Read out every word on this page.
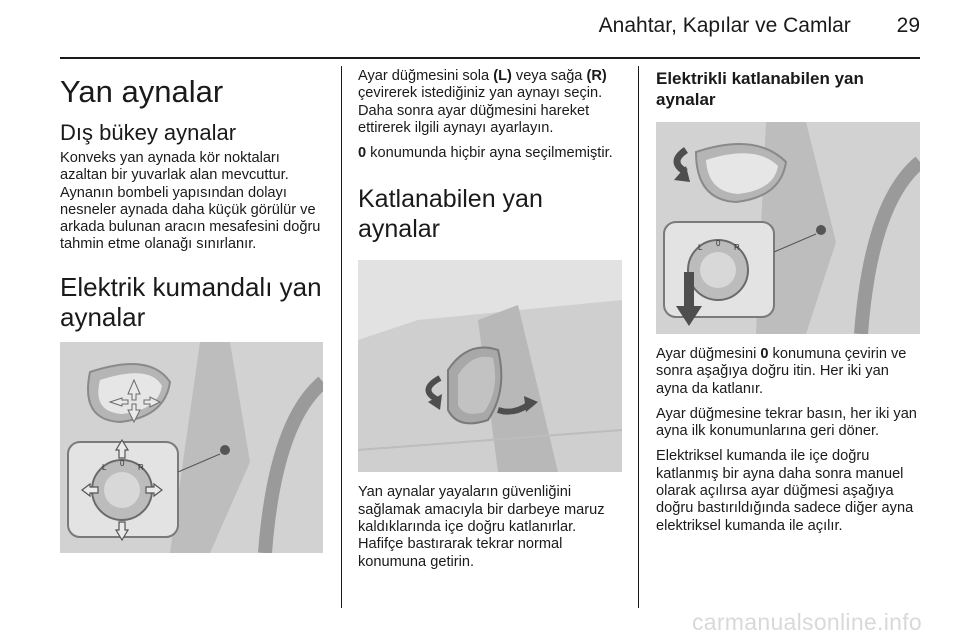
Anahtar, Kapılar ve Camlar 29
Yan aynalar
Dış bükey aynalar

Konveks yan aynada kör noktaları azaltan bir yuvarlak alan mevcuttur. Aynanın bombeli yapısından dolayı nesneler aynada daha küçük görülür ve arkada bulunan aracın mesafesini doğru tahmin etme olanağı sınırlanır.

Elektrik kumandalı yan aynalar
L 0 R

Ayar düğmesini sola (L) veya sağa (R) çevirerek istediğiniz yan aynayı seçin. Daha sonra ayar düğmesini hareket ettirerek ilgili aynayı ayarlayın.

0 konumunda hiçbir ayna seçilmemiştir.

Katlanabilen yan aynalar

Yan aynalar yayaların güvenliğini sağlamak amacıyla bir darbeye maruz kaldıklarında içe doğru katlanırlar. Hafifçe bastırarak tekrar normal konumuna getirin.

Elektrikli katlanabilen yan aynalar
L 0 R

Ayar düğmesini 0 konumuna çevirin ve sonra aşağıya doğru itin. Her iki yan ayna da katlanır.

Ayar düğmesine tekrar basın, her iki yan ayna ilk konumunlarına geri döner.

Elektriksel kumanda ile içe doğru katlanmış bir ayna daha sonra manuel olarak açılırsa ayar düğmesi aşağıya doğru bastırıldığında sadece diğer ayna elektriksel kumanda ile açılır.

carmanualsonline.info
